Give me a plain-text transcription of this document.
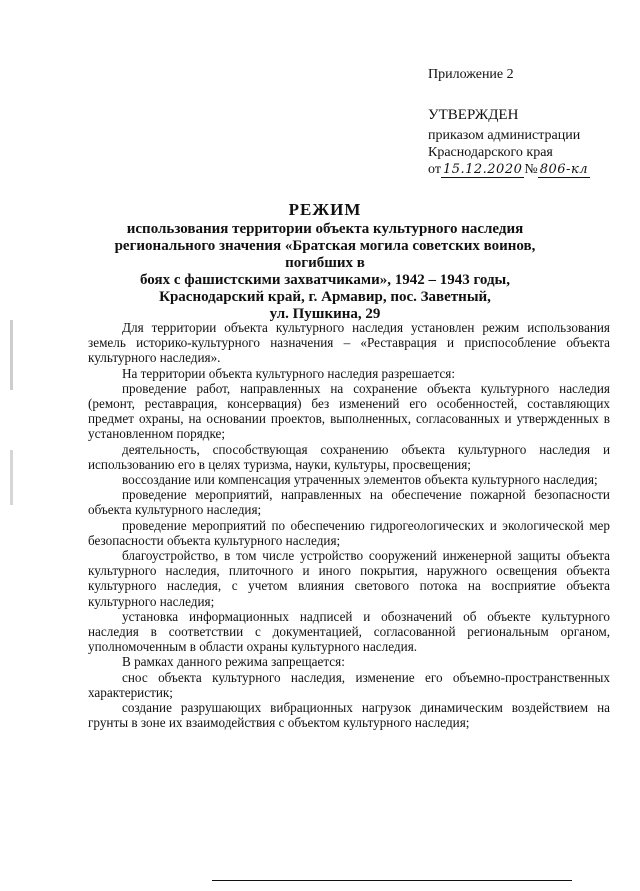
Приложение 2
УТВЕРЖДЕН
приказом администрации
Краснодарского края
от 15.12.2020 № 806-кл
РЕЖИМ
использования территории объекта культурного наследия
регионального значения «Братская могила советских воинов, погибших в
боях с фашистскими захватчиками», 1942 – 1943 годы,
Краснодарский край, г. Армавир, пос. Заветный,
ул. Пушкина, 29

Для территории объекта культурного наследия установлен режим использования земель историко-культурного назначения – «Реставрация и приспособление объекта культурного наследия».

На территории объекта культурного наследия разрешается:

проведение работ, направленных на сохранение объекта культурного наследия (ремонт, реставрация, консервация) без изменений его особенностей, составляющих предмет охраны, на основании проектов, выполненных, согласованных и утвержденных в установленном порядке;

деятельность, способствующая сохранению объекта культурного наследия и использованию его в целях туризма, науки, культуры, просвещения;

воссоздание или компенсация утраченных элементов объекта культурного наследия;

проведение мероприятий, направленных на обеспечение пожарной безопасности объекта культурного наследия;

проведение мероприятий по обеспечению гидрогеологических и экологической мер безопасности объекта культурного наследия;

благоустройство, в том числе устройство сооружений инженерной защиты объекта культурного наследия, плиточного и иного покрытия, наружного освещения объекта культурного наследия, с учетом влияния светового потока на восприятие объекта культурного наследия;

установка информационных надписей и обозначений об объекте культурного наследия в соответствии с документацией, согласованной региональным органом, уполномоченным в области охраны культурного наследия.

В рамках данного режима запрещается:

снос объекта культурного наследия, изменение его объемно-пространственных характеристик;

создание разрушающих вибрационных нагрузок динамическим воздействием на грунты в зоне их взаимодействия с объектом культурного наследия;
